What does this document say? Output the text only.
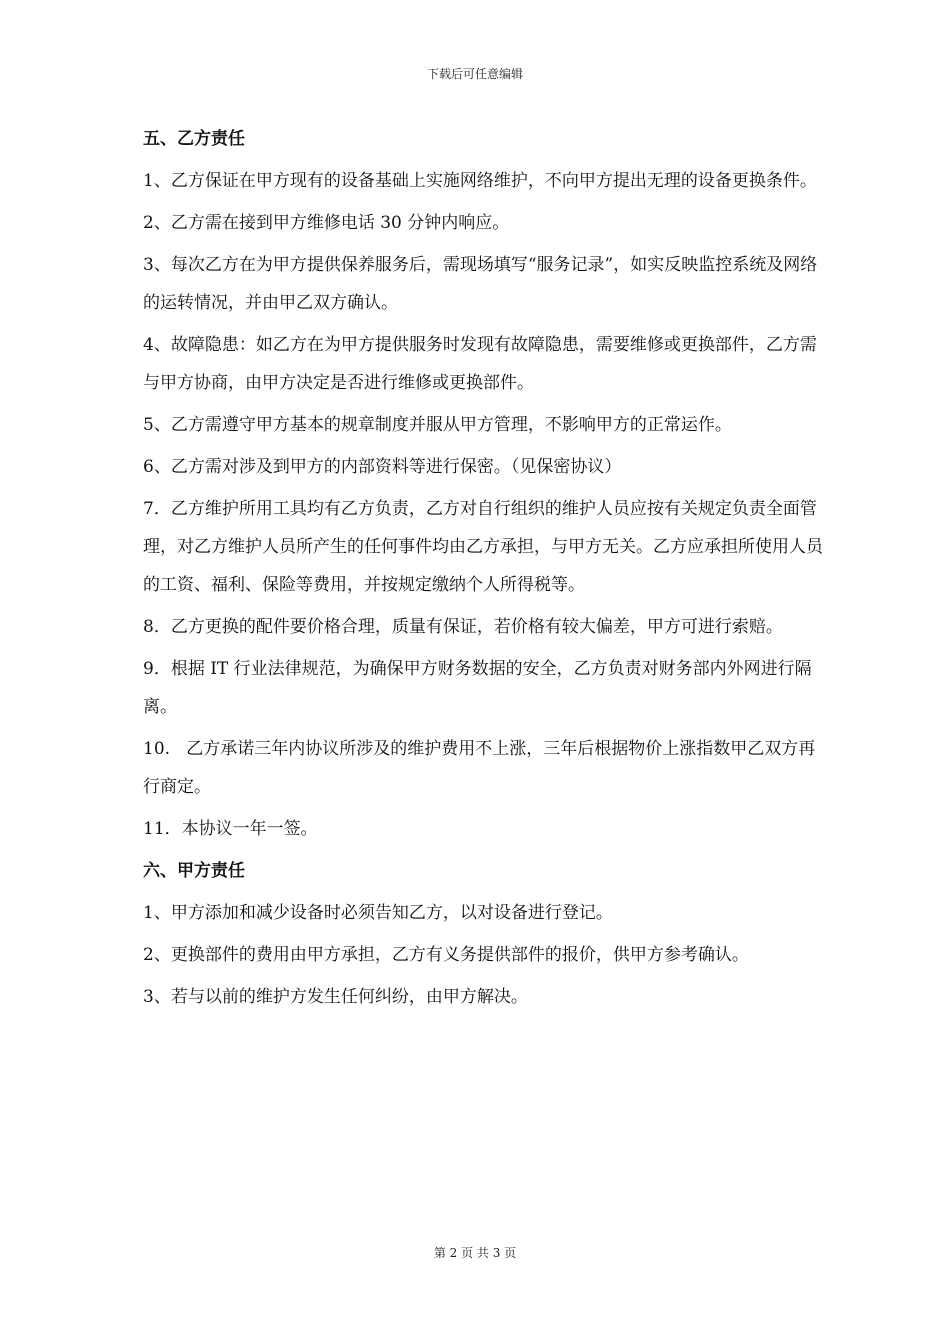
下载后可任意编辑
五、乙方责任
1、乙方保证在甲方现有的设备基础上实施网络维护，不向甲方提出无理的设备更换条件。
2、乙方需在接到甲方维修电话 30 分钟内响应。
3、每次乙方在为甲方提供保养服务后，需现场填写“服务记录”，如实反映监控系统及网络的运转情况，并由甲乙双方确认。
4、故障隐患：如乙方在为甲方提供服务时发现有故障隐患，需要维修或更换部件，乙方需与甲方协商，由甲方决定是否进行维修或更换部件。
5、乙方需遵守甲方基本的规章制度并服从甲方管理，不影响甲方的正常运作。
6、乙方需对涉及到甲方的内部资料等进行保密。（见保密协议）
7．乙方维护所用工具均有乙方负责，乙方对自行组织的维护人员应按有关规定负责全面管理，对乙方维护人员所产生的任何事件均由乙方承担，与甲方无关。乙方应承担所使用人员的工资、福利、保险等费用，并按规定缴纳个人所得税等。
8．乙方更换的配件要价格合理，质量有保证，若价格有较大偏差，甲方可进行索赔。
9．根据 IT 行业法律规范，为确保甲方财务数据的安全，乙方负责对财务部内外网进行隔离。
10.   乙方承诺三年内协议所涉及的维护费用不上涨，三年后根据物价上涨指数甲乙双方再行商定。
11．本协议一年一签。
六、甲方责任
1、甲方添加和减少设备时必须告知乙方，以对设备进行登记。
2、更换部件的费用由甲方承担，乙方有义务提供部件的报价，供甲方参考确认。
3、若与以前的维护方发生任何纠纷，由甲方解决。
第 2 页 共 3 页
